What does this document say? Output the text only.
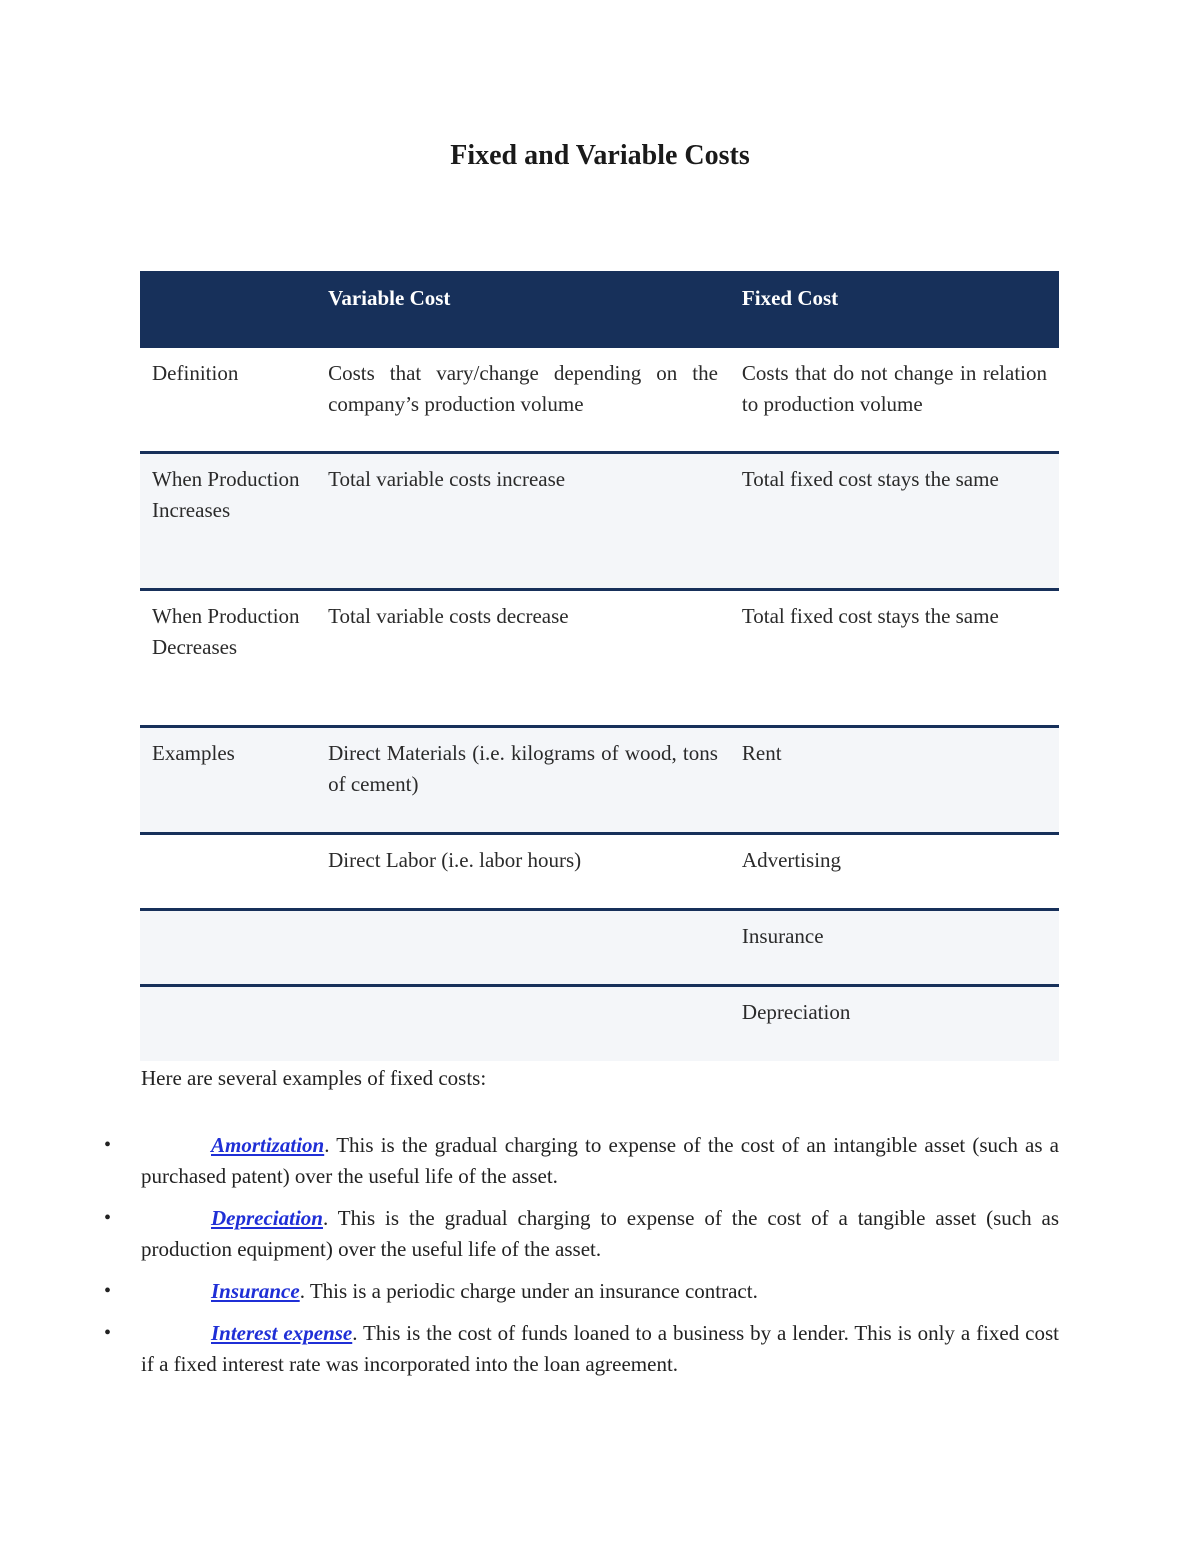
Fixed and Variable Costs
	Variable Cost	Fixed Cost
Definition	Costs that vary/change depending on the company’s production volume	Costs that do not change in relation to production volume
When Production Increases	Total variable costs increase	Total fixed cost stays the same
When Production Decreases	Total variable costs decrease	Total fixed cost stays the same
Examples	Direct Materials (i.e. kilograms of wood, tons of cement)	Rent
	Direct Labor (i.e. labor hours)	Advertising
		Insurance
		Depreciation
Here are several examples of fixed costs:
•	Amortization. This is the gradual charging to expense of the cost of an intangible asset (such as a purchased patent) over the useful life of the asset.
•	Depreciation. This is the gradual charging to expense of the cost of a tangible asset (such as production equipment) over the useful life of the asset.
•	Insurance. This is a periodic charge under an insurance contract.
•	Interest expense. This is the cost of funds loaned to a business by a lender. This is only a fixed cost if a fixed interest rate was incorporated into the loan agreement.
